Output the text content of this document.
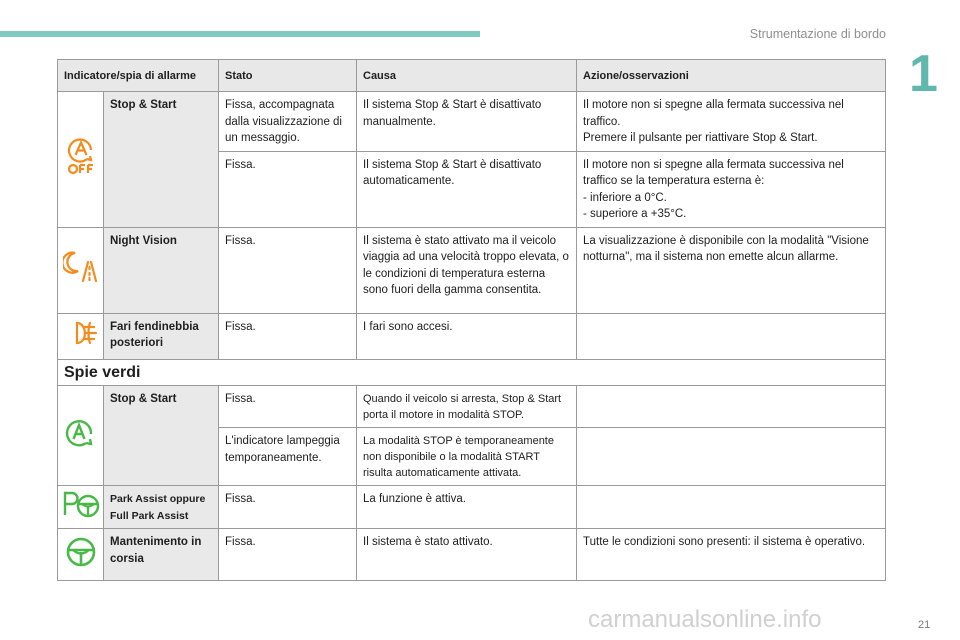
Strumentazione di bordo
1
Indicatore/spia di allarme		Stato	Causa	Azione/osservazioni
	Stop & Start	Fissa, accompagnata dalla visualizzazione di un messaggio.	Il sistema Stop & Start è disattivato manualmente.	Il motore non si spegne alla fermata successiva nel traffico.
Premere il pulsante per riattivare Stop & Start.

		Fissa.	Il sistema Stop & Start è disattivato automaticamente.	Il motore non si spegne alla fermata successiva nel traffico se la temperatura esterna è:
- inferiore a 0°C.
- superiore a +35°C.

	Night Vision	Fissa.	Il sistema è stato attivato ma il veicolo viaggia ad una velocità troppo elevata, o le condizioni di temperatura esterna sono fuori della gamma consentita.	La visualizzazione è disponibile con la modalità "Visione notturna", ma il sistema non emette alcun allarme.

	Fari fendinebbia posteriori	Fissa.	I fari sono accesi.	
Spie verdi				
	Stop & Start	Fissa.	Quando il veicolo si arresta, Stop & Start porta il motore in modalità STOP.	
		L'indicatore lampeggia temporaneamente.	La modalità STOP è temporaneamente non disponibile o la modalità START risulta automaticamente attivata.	
	Park Assist oppure Full Park Assist	Fissa.	La funzione è attiva.	
	Mantenimento in corsia	Fissa.	Il sistema è stato attivato.	Tutte le condizioni sono presenti: il sistema è operativo.
21
carmanualsonline.info
